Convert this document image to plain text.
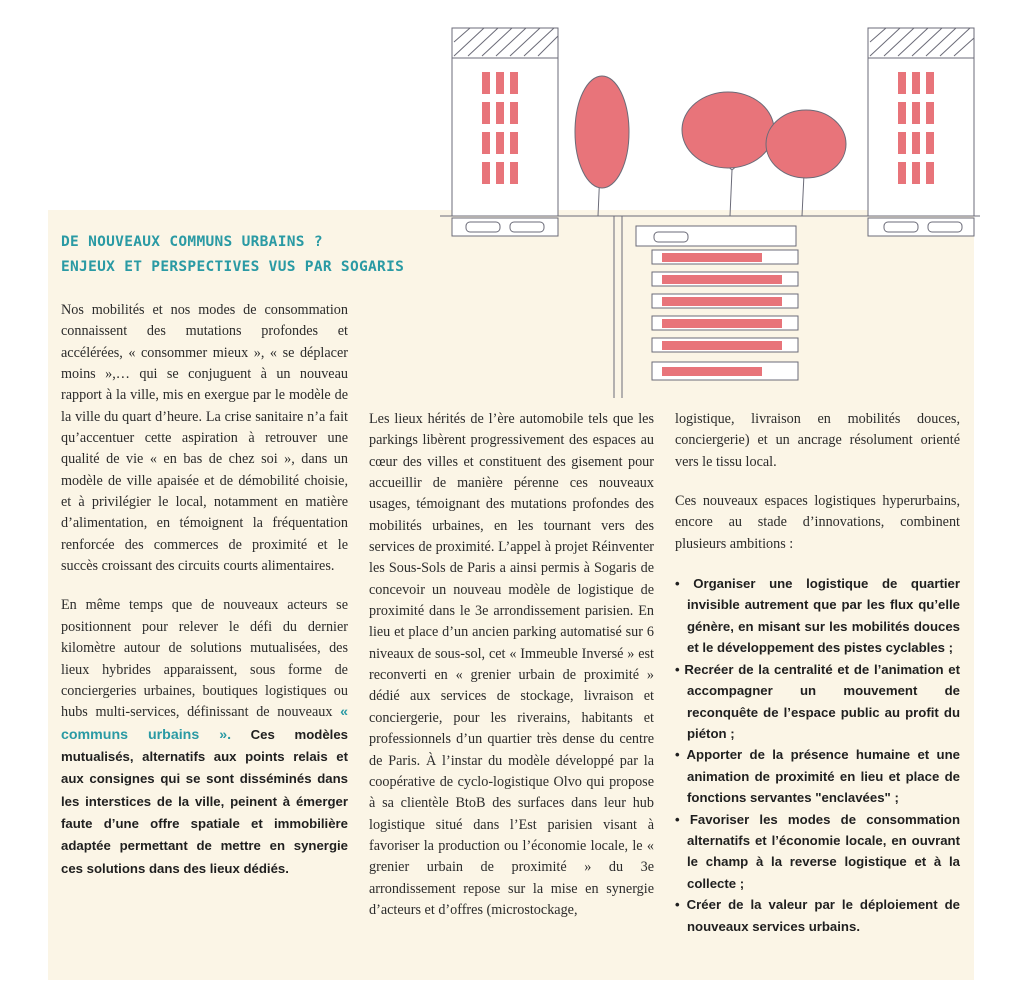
DE NOUVEAUX COMMUNS URBAINS ?
ENJEUX ET PERSPECTIVES VUS PAR SOGARIS

Nos mobilités et nos modes de consommation connaissent des mutations profondes et accélérées, « consommer mieux », « se déplacer moins »,… qui se conjuguent à un nouveau rapport à la ville, mis en exergue par le modèle de la ville du quart d’heure. La crise sanitaire n’a fait qu’accentuer cette aspiration à retrouver une qualité de vie « en bas de chez soi », dans un modèle de ville apaisée et de démobilité choisie, et à privilégier le local, notamment en matière d’alimentation, en témoignent la fréquentation renforcée des commerces de proximité et le succès croissant des circuits courts alimentaires.

En même temps que de nouveaux acteurs se positionnent pour relever le défi du dernier kilomètre autour de solutions mutualisées, des lieux hybrides apparaissent, sous forme de conciergeries urbaines, boutiques logistiques ou hubs multi-services, définissant de nouveaux « communs urbains ». Ces modèles mutualisés, alternatifs aux points relais et aux consignes qui se sont disséminés dans les interstices de la ville, peinent à émerger faute d’une offre spatiale et immobilière adaptée permettant de mettre en synergie ces solutions dans des lieux dédiés.

Les lieux hérités de l’ère automobile tels que les parkings libèrent progressivement des espaces au cœur des villes et constituent des gisement pour accueillir de manière pérenne ces nouveaux usages, témoignant des mutations profondes des mobilités urbaines, en les tournant vers des services de proximité. L’appel à projet Réinventer les Sous-Sols de Paris a ainsi permis à Sogaris de concevoir un nouveau modèle de logistique de proximité dans le 3e arrondissement parisien. En lieu et place d’un ancien parking automatisé sur 6 niveaux de sous-sol, cet « Immeuble Inversé » est reconverti en « grenier urbain de proximité » dédié aux services de stockage, livraison et conciergerie, pour les riverains, habitants et professionnels d’un quartier très dense du centre de Paris. À l’instar du modèle développé par la coopérative de cyclo-logistique Olvo qui propose à sa clientèle BtoB des surfaces dans leur hub logistique situé dans l’Est parisien visant à favoriser la production ou l’économie locale, le « grenier urbain de proximité » du 3e arrondissement repose sur la mise en synergie d’acteurs et d’offres (microstockage,

logistique, livraison en mobilités douces, conciergerie) et un ancrage résolument orienté vers le tissu local.

Ces nouveaux espaces logistiques hyperurbains, encore au stade d’innovations, combinent plusieurs ambitions :

• Organiser une logistique de quartier invisible autrement que par les flux qu’elle génère, en misant sur les mobilités douces et le développement des pistes cyclables ;
• Recréer de la centralité et de l’animation et accompagner un mouvement de reconquête de l’espace public au profit du piéton ;
• Apporter de la présence humaine et une animation de proximité en lieu et place de fonctions servantes "enclavées" ;
• Favoriser les modes de consommation alternatifs et l’économie locale, en ouvrant le champ à la reverse logistique et à la collecte ;
• Créer de la valeur par le déploiement de nouveaux services urbains.
